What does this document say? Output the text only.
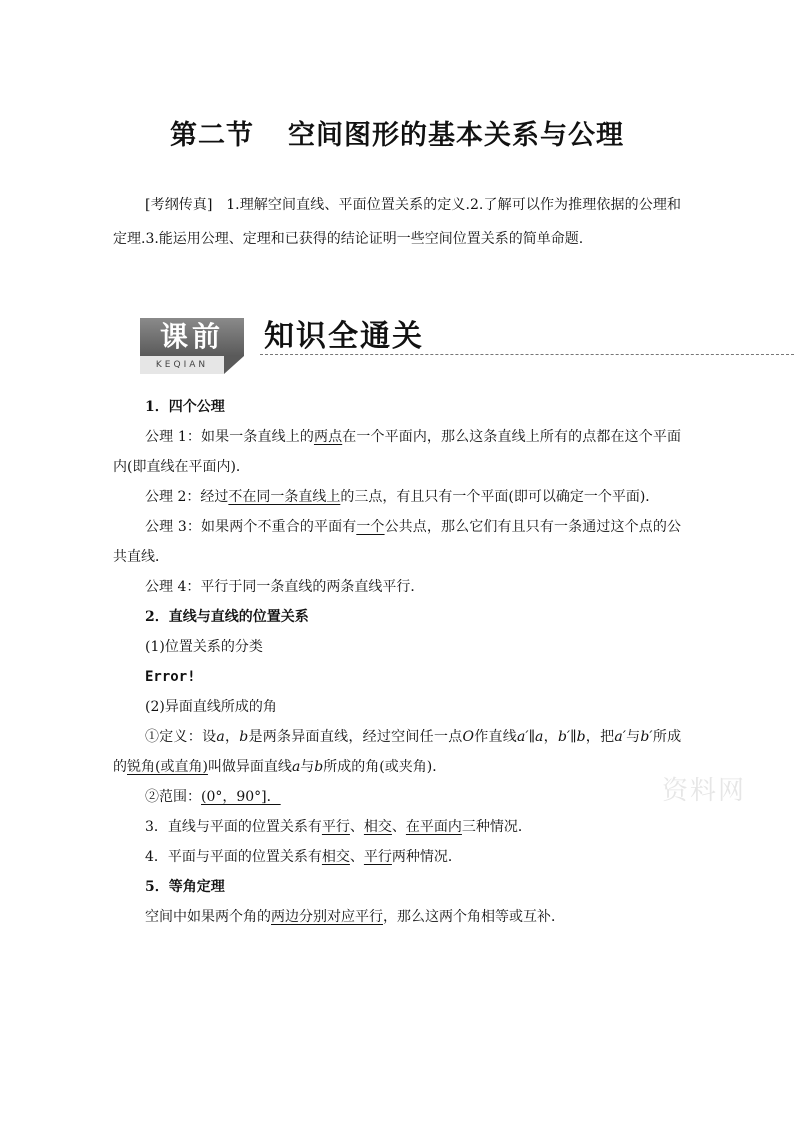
第二节 空间图形的基本关系与公理
[考纲传真] 1.理解空间直线、平面位置关系的定义.2.了解可以作为推理依据的公理和定理.3.能运用公理、定理和已获得的结论证明一些空间位置关系的简单命题.
课前
KEQIAN
知识全通关
资料网

1．四个公理

公理 1：如果一条直线上的两点在一个平面内，那么这条直线上所有的点都在这个平面内(即直线在平面内)．

公理 2：经过不在同一条直线上的三点，有且只有一个平面(即可以确定一个平面)．

公理 3：如果两个不重合的平面有一个公共点，那么它们有且只有一条通过这个点的公共直线．

公理 4：平行于同一条直线的两条直线平行．

2．直线与直线的位置关系

(1)位置关系的分类

Error!

(2)异面直线所成的角

①定义：设a，b是两条异面直线，经过空间任一点O作直线a′∥a，b′∥b，把a′与b′所成的锐角(或直角)叫做异面直线a与b所成的角(或夹角)．

②范围：(0°，90°]．

3．直线与平面的位置关系有平行、相交、在平面内三种情况．

4．平面与平面的位置关系有相交、平行两种情况．

5．等角定理

空间中如果两个角的两边分别对应平行，那么这两个角相等或互补．
